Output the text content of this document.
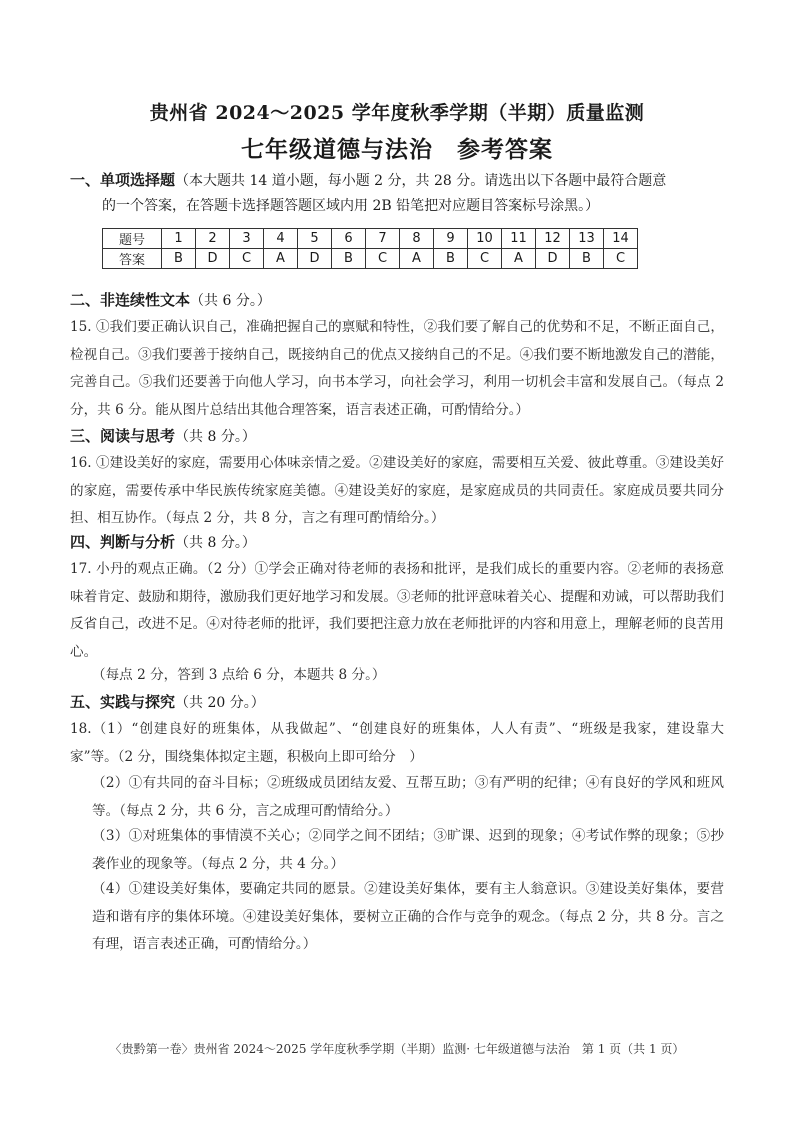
贵州省 2024～2025 学年度秋季学期（半期）质量监测
七年级道德与法治　参考答案
一、单项选择题（本大题共 14 道小题，每小题 2 分，共 28 分。请选出以下各题中最符合题意
的一个答案，在答题卡选择题答题区域内用 2B 铅笔把对应题目答案标号涂黑。）
题号	1	2	3	4	5	6	7	8	9	10	11	12	13	14
答案	B	D	C	A	D	B	C	A	B	C	A	D	B	C
二、非连续性文本（共 6 分。）
15. ①我们要正确认识自己，准确把握自己的禀赋和特性，②我们要了解自己的优势和不足，不断正面自己，检视自己。③我们要善于接纳自己，既接纳自己的优点又接纳自己的不足。④我们要不断地激发自己的潜能，完善自己。⑤我们还要善于向他人学习，向书本学习，向社会学习，利用一切机会丰富和发展自己。（每点 2 分，共 6 分。能从图片总结出其他合理答案，语言表述正确，可酌情给分。）
三、阅读与思考（共 8 分。）
16. ①建设美好的家庭，需要用心体味亲情之爱。②建设美好的家庭，需要相互关爱、彼此尊重。③建设美好的家庭，需要传承中华民族传统家庭美德。④建设美好的家庭，是家庭成员的共同责任。家庭成员要共同分担、相互协作。（每点 2 分，共 8 分，言之有理可酌情给分。）
四、判断与分析（共 8 分。）
17. 小丹的观点正确。（2 分）①学会正确对待老师的表扬和批评，是我们成长的重要内容。②老师的表扬意味着肯定、鼓励和期待，激励我们更好地学习和发展。③老师的批评意味着关心、提醒和劝诫，可以帮助我们反省自己，改进不足。④对待老师的批评，我们要把注意力放在老师批评的内容和用意上，理解老师的良苦用心。
（每点 2 分，答到 3 点给 6 分，本题共 8 分。）
五、实践与探究（共 20 分。）
18.（1）“创建良好的班集体，从我做起”、“创建良好的班集体，人人有责”、“班级是我家，建设靠大家”等。（2 分，围绕集体拟定主题，积极向上即可给分　）
（2）①有共同的奋斗目标；②班级成员团结友爱、互帮互助；③有严明的纪律；④有良好的学风和班风等。（每点 2 分，共 6 分，言之成理可酌情给分。）
（3）①对班集体的事情漠不关心；②同学之间不团结；③旷课、迟到的现象；④考试作弊的现象；⑤抄袭作业的现象等。（每点 2 分，共 4 分。）
（4）①建设美好集体，要确定共同的愿景。②建设美好集体，要有主人翁意识。③建设美好集体，要营造和谐有序的集体环境。④建设美好集体，要树立正确的合作与竞争的观念。（每点 2 分，共 8 分。言之有理，语言表述正确，可酌情给分。）
〈贵黔第一卷〉贵州省 2024～2025 学年度秋季学期（半期）监测· 七年级道德与法治　第 1 页（共 1 页）
